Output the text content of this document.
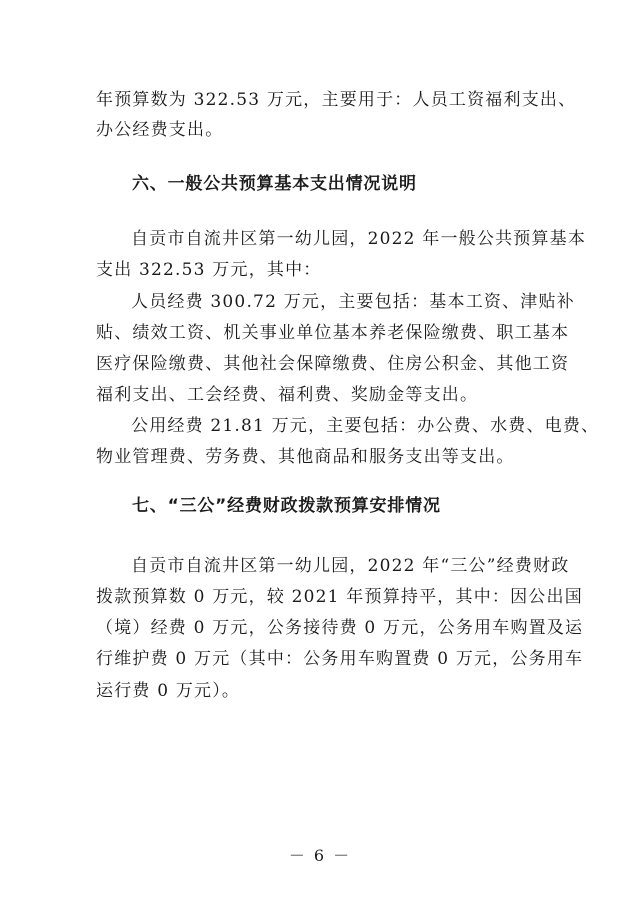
年预算数为 322.53 万元，主要用于：人员工资福利支出、
办公经费支出。
六、一般公共预算基本支出情况说明
自贡市自流井区第一幼儿园，2022 年一般公共预算基本
支出 322.53 万元，其中：
人员经费 300.72 万元，主要包括：基本工资、津贴补
贴、绩效工资、机关事业单位基本养老保险缴费、职工基本
医疗保险缴费、其他社会保障缴费、住房公积金、其他工资
福利支出、工会经费、福利费、奖励金等支出。
公用经费 21.81 万元，主要包括：办公费、水费、电费、
物业管理费、劳务费、其他商品和服务支出等支出。
七、“三公”经费财政拨款预算安排情况
自贡市自流井区第一幼儿园，2022 年“三公”经费财政
拨款预算数 0 万元，较 2021 年预算持平，其中：因公出国
（境）经费 0 万元，公务接待费 0 万元，公务用车购置及运
行维护费 0 万元（其中：公务用车购置费 0 万元，公务用车
运行费 0 万元）。
－ 6 －
